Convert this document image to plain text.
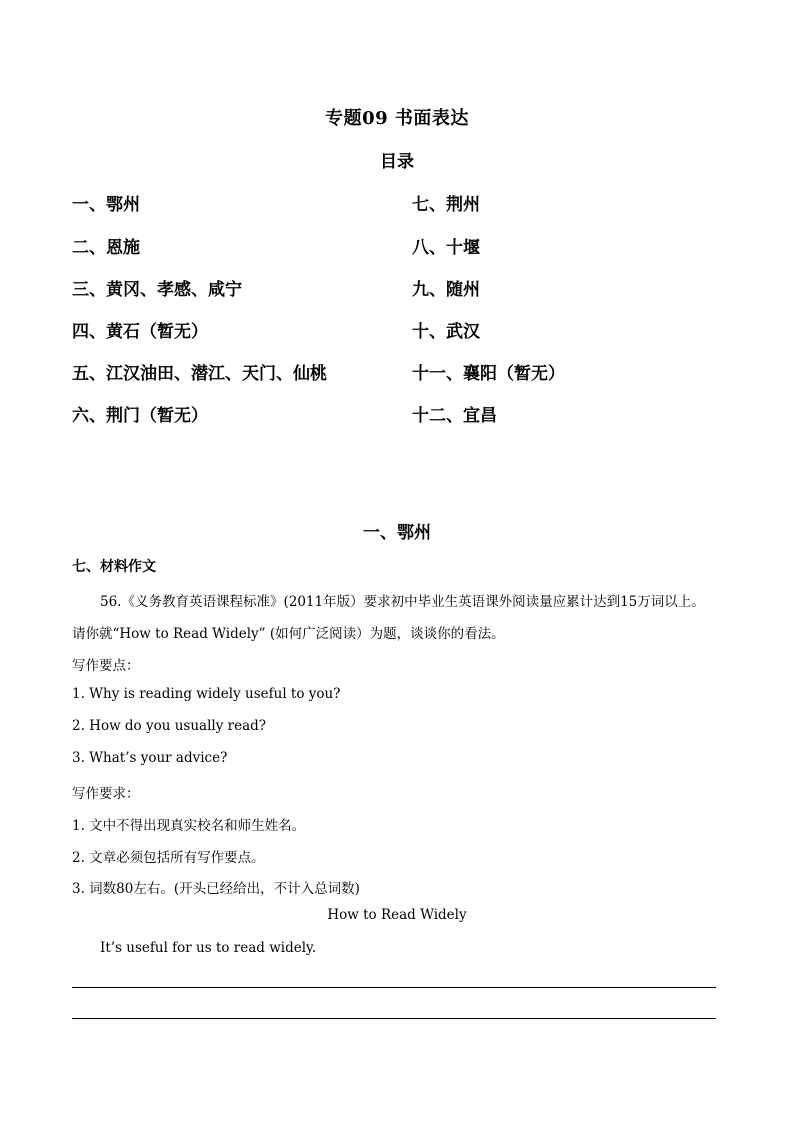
专题09 书面表达
目录
一、鄂州
二、恩施
三、黄冈、孝感、咸宁
四、黄石（暂无）
五、江汉油田、潜江、天门、仙桃
六、荆门（暂无）
七、荆州
八、十堰
九、随州
十、武汉
十一、襄阳（暂无）
十二、宜昌
一、鄂州
七、材料作文
56.《义务教育英语课程标准》(2011年版）要求初中毕业生英语课外阅读量应累计达到15万词以上。
请你就“How to Read Widely” (如何广泛阅读）为题，谈谈你的看法。
写作要点：
1. Why is reading widely useful to you?
2. How do you usually read?
3. What’s your advice?
写作要求：
1. 文中不得出现真实校名和师生姓名。
2. 文章必须包括所有写作要点。
3. 词数80左右。(开头已经给出，不计入总词数)
How to Read Widely
It’s useful for us to read widely.
